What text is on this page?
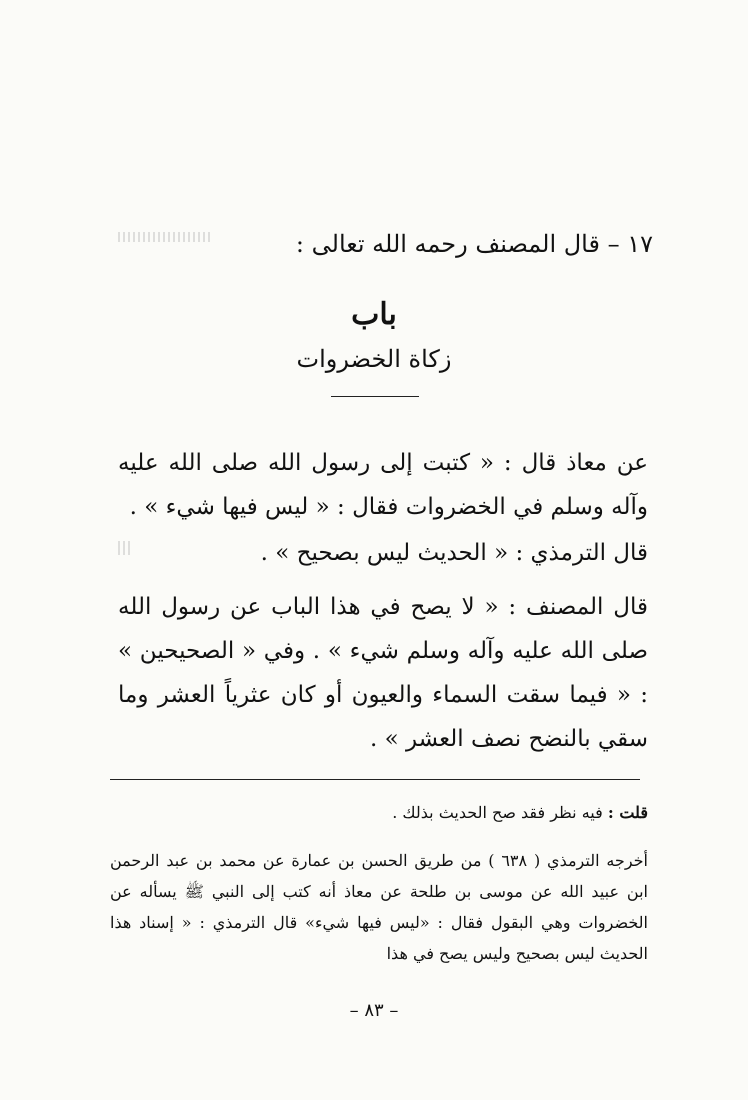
١٧ – قال المصنف رحمه الله تعالى :
باب
زكاة الخضروات
عن معاذ قال : « كتبت إلى رسول الله صلى الله عليه وآله وسلم في الخضروات فقال : « ليس فيها شيء » .
قال الترمذي : « الحديث ليس بصحيح » .
قال المصنف : « لا يصح في هذا الباب عن رسول الله صلى الله عليه وآله وسلم شيء » . وفي « الصحيحين » : « فيما سقت السماء والعيون أو كان عثرياً العشر وما سقي بالنضح نصف العشر » .
قلت : فيه نظر فقد صح الحديث بذلك .
أخرجه الترمذي ( ٦٣٨ ) من طريق الحسن بن عمارة عن محمد بن عبد الرحمن ابن عبيد الله عن موسى بن طلحة عن معاذ أنه كتب إلى النبي ﷺ يسأله عن الخضروات وهي البقول فقال : «ليس فيها شيء» قال الترمذي : « إسناد هذا الحديث ليس بصحيح وليس يصح في هذا
– ٨٣ –
